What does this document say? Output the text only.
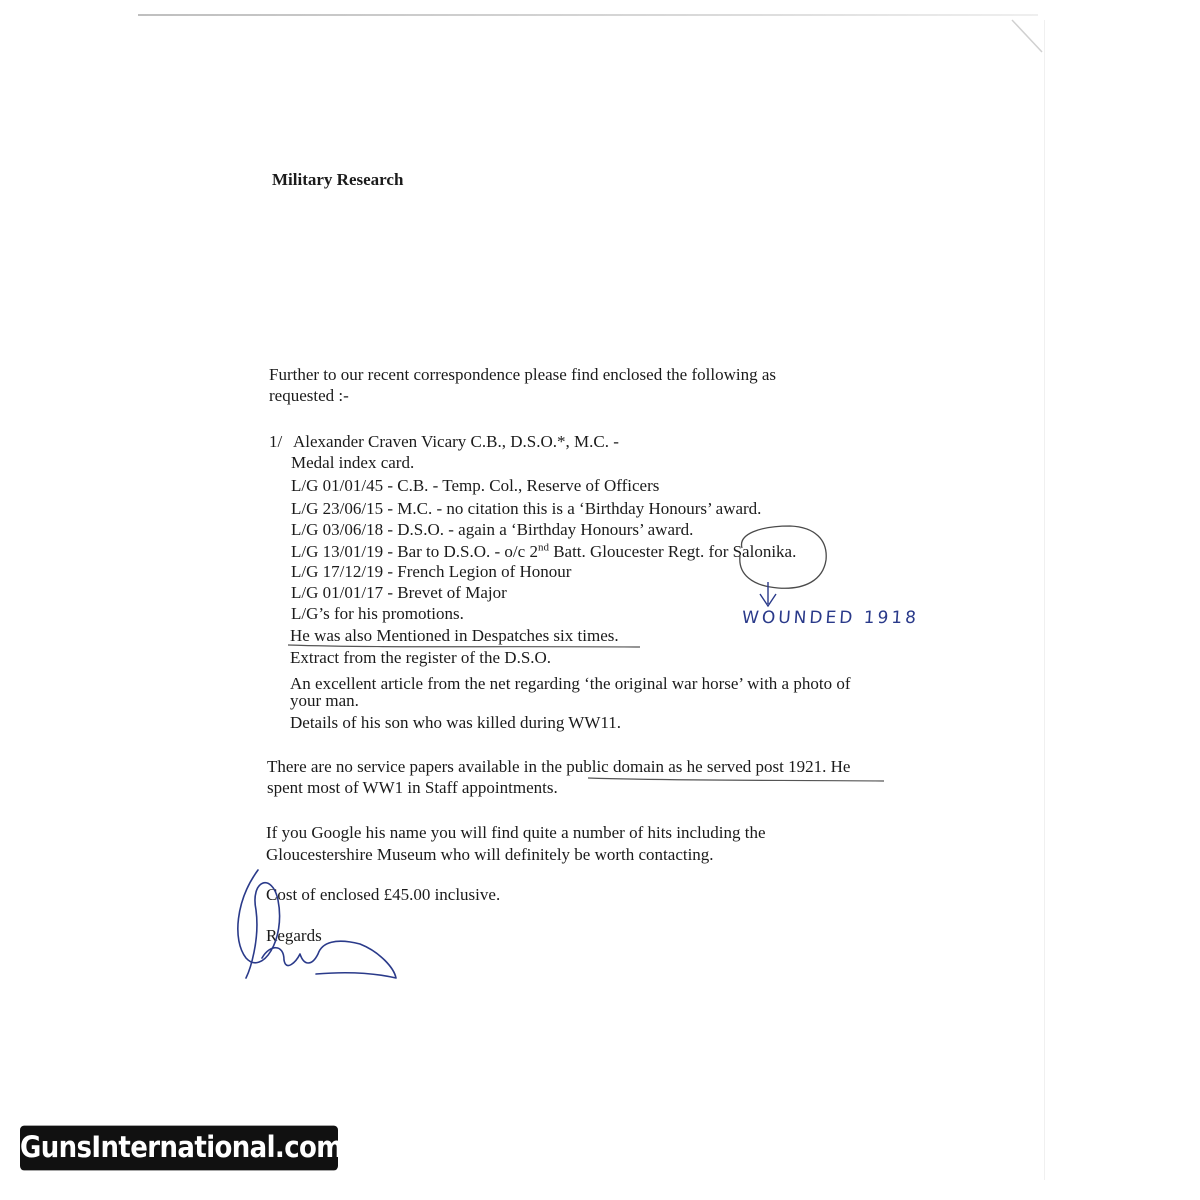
Military Research
Further to our recent correspondence please find enclosed the following as
requested :-
1/ Alexander Craven Vicary C.B., D.S.O.*, M.C. -
Medal index card.
L/G 01/01/45 - C.B. - Temp. Col., Reserve of Officers
L/G 23/06/15 - M.C. - no citation this is a ‘Birthday Honours’ award.
L/G 03/06/18 - D.S.O. - again a ‘Birthday Honours’ award.
L/G 13/01/19 - Bar to D.S.O. - o/c 2nd Batt. Gloucester Regt. for Salonika.
L/G 17/12/19 - French Legion of Honour
L/G 01/01/17 - Brevet of Major
L/G’s for his promotions.
He was also Mentioned in Despatches six times.
Extract from the register of the D.S.O.
An excellent article from the net regarding ‘the original war horse’ with a photo of
your man.
Details of his son who was killed during WW11.
There are no service papers available in the public domain as he served post 1921. He
spent most of WW1 in Staff appointments.
If you Google his name you will find quite a number of hits including the
Gloucestershire Museum who will definitely be worth contacting.
Cost of enclosed £45.00 inclusive.
Regards
WOUNDED 1918
GunsInternational.com
